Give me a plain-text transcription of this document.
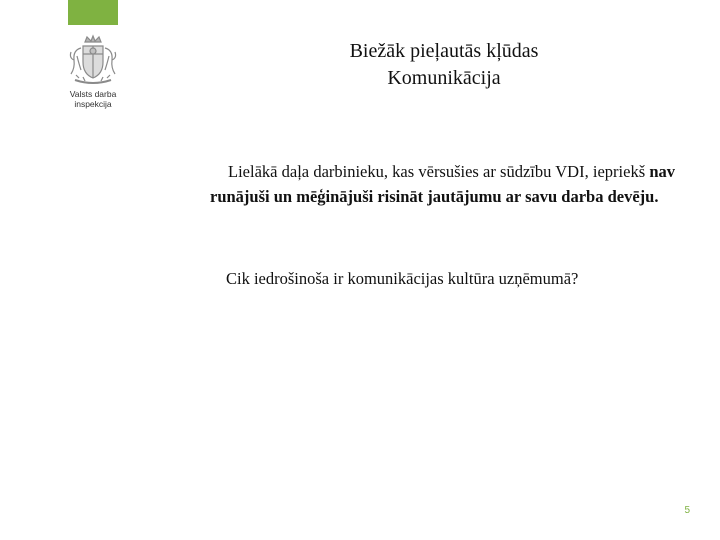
Valsts darba
inspekcija
Biežāk pieļautās kļūdas
Komunikācija

Lielākā daļa darbinieku, kas vērsušies ar sūdzību VDI, iepriekš nav runājuši un mēģinājuši risināt jautājumu ar savu darba devēju.

Cik iedrošinoša ir komunikācijas kultūra uzņēmumā?

5
